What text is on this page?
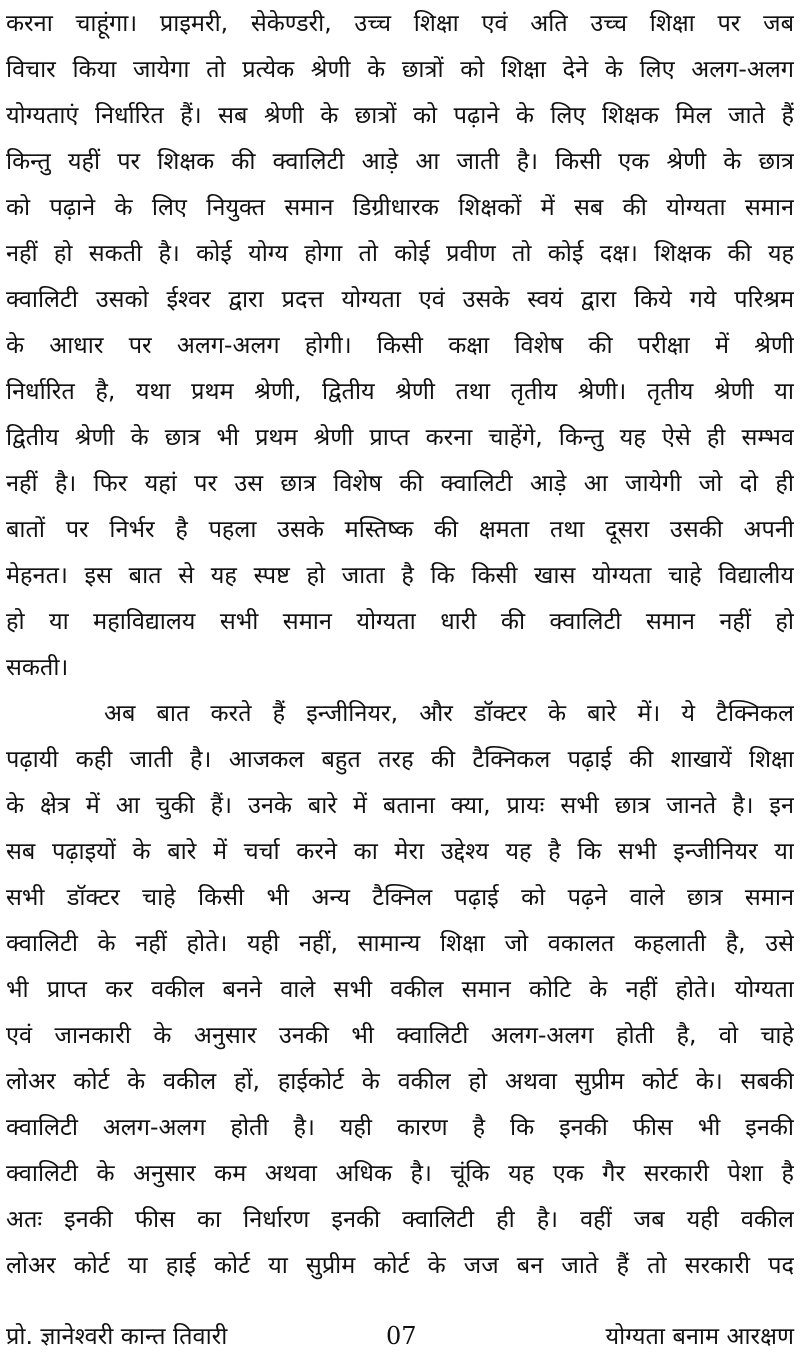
करना चाहूंगा। प्राइमरी, सेकेण्डरी, उच्च शिक्षा एवं अति उच्च शिक्षा पर जब
विचार किया जायेगा तो प्रत्येक श्रेणी के छात्रों को शिक्षा देने के लिए अलग-अलग
योग्यताएं निर्धारित हैं। सब श्रेणी के छात्रों को पढ़ाने के लिए शिक्षक मिल जाते हैं
किन्तु यहीं पर शिक्षक की क्वालिटी आड़े आ जाती है। किसी एक श्रेणी के छात्र
को पढ़ाने के लिए नियुक्त समान डिग्रीधारक शिक्षकों में सब की योग्यता समान
नहीं हो सकती है। कोई योग्य होगा तो कोई प्रवीण तो कोई दक्ष। शिक्षक की यह
क्वालिटी उसको ईश्वर द्वारा प्रदत्त योग्यता एवं उसके स्वयं द्वारा किये गये परिश्रम
के आधार पर अलग-अलग होगी। किसी कक्षा विशेष की परीक्षा में श्रेणी
निर्धारित है, यथा प्रथम श्रेणी, द्वितीय श्रेणी तथा तृतीय श्रेणी। तृतीय श्रेणी या
द्वितीय श्रेणी के छात्र भी प्रथम श्रेणी प्राप्त करना चाहेंगे, किन्तु यह ऐसे ही सम्भव
नहीं है। फिर यहां पर उस छात्र विशेष की क्वालिटी आड़े आ जायेगी जो दो ही
बातों पर निर्भर है पहला उसके मस्तिष्क की क्षमता तथा दूसरा उसकी अपनी
मेहनत। इस बात से यह स्पष्ट हो जाता है कि किसी खास योग्यता चाहे विद्यालीय
हो या महाविद्यालय सभी समान योग्यता धारी की क्वालिटी समान नहीं हो
सकती।
अब बात करते हैं इन्जीनियर, और डॉक्टर के बारे में। ये टैक्निकल
पढ़ायी कही जाती है। आजकल बहुत तरह की टैक्निकल पढ़ाई की शाखायें शिक्षा
के क्षेत्र में आ चुकी हैं। उनके बारे में बताना क्या, प्रायः सभी छात्र जानते है। इन
सब पढ़ाइयों के बारे में चर्चा करने का मेरा उद्देश्य यह है कि सभी इन्जीनियर या
सभी डॉक्टर चाहे किसी भी अन्य टैक्निल पढ़ाई को पढ़ने वाले छात्र समान
क्वालिटी के नहीं होते। यही नहीं, सामान्य शिक्षा जो वकालत कहलाती है, उसे
भी प्राप्त कर वकील बनने वाले सभी वकील समान कोटि के नहीं होते। योग्यता
एवं जानकारी के अनुसार उनकी भी क्वालिटी अलग-अलग होती है, वो चाहे
लोअर कोर्ट के वकील हों, हाईकोर्ट के वकील हो अथवा सुप्रीम कोर्ट के। सबकी
क्वालिटी अलग-अलग होती है। यही कारण है कि इनकी फीस भी इनकी
क्वालिटी के अनुसार कम अथवा अधिक है। चूंकि यह एक गैर सरकारी पेशा है
अतः इनकी फीस का निर्धारण इनकी क्वालिटी ही है। वहीं जब यही वकील
लोअर कोर्ट या हाई कोर्ट या सुप्रीम कोर्ट के जज बन जाते हैं तो सरकारी पद
प्रो. ज्ञानेश्वरी कान्त तिवारी	07	योग्यता बनाम आरक्षण
